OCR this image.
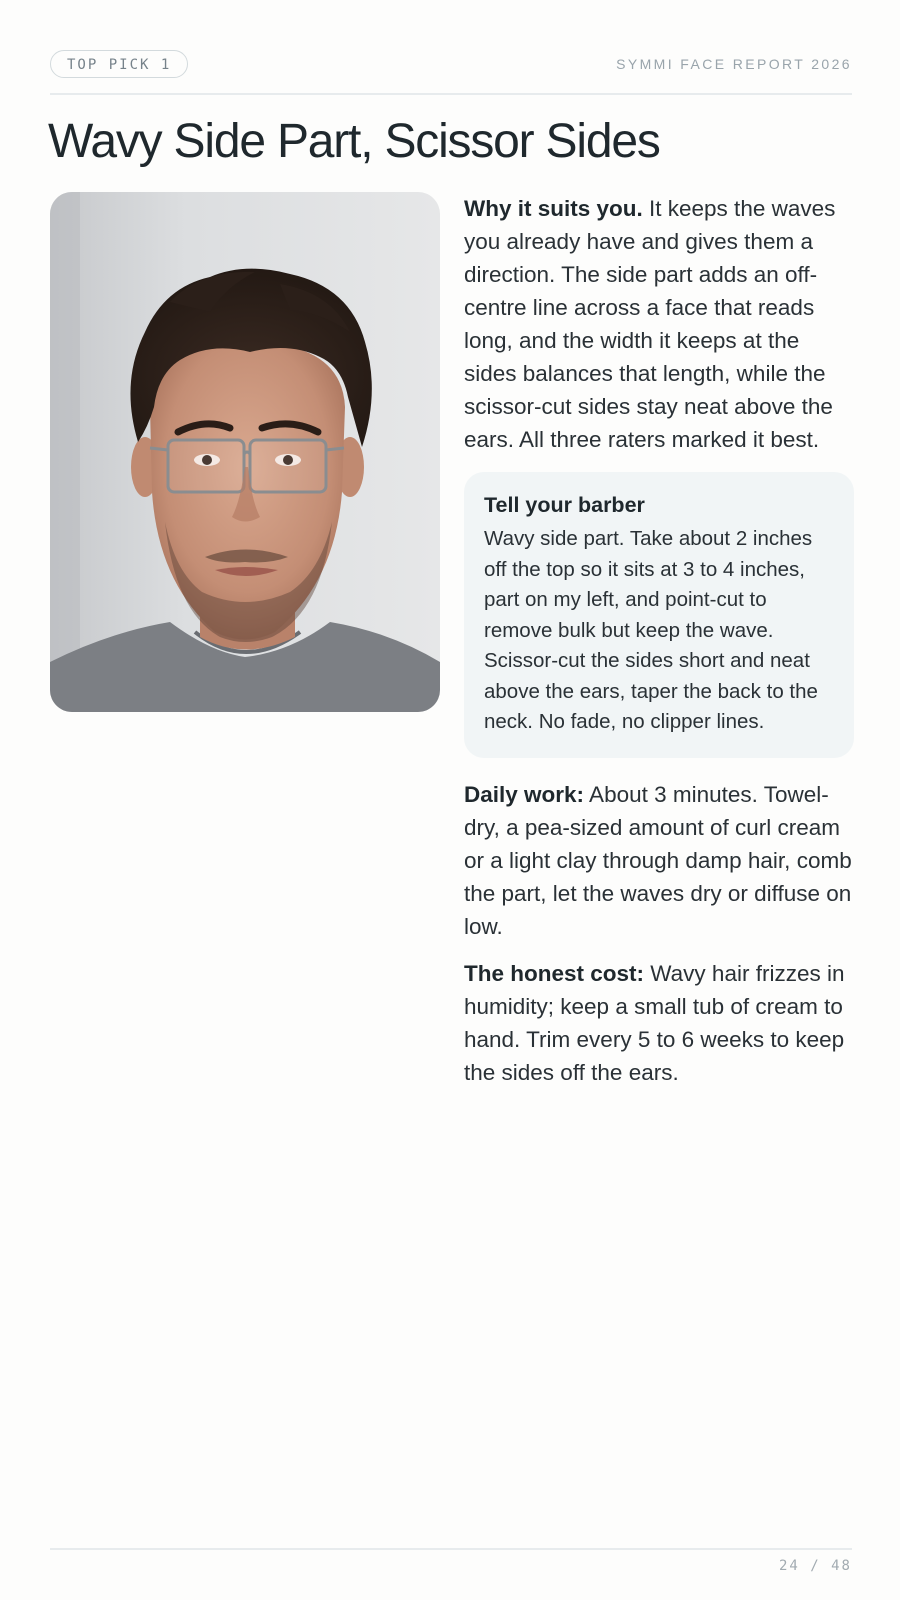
TOP PICK 1	SYMMI FACE REPORT 2026
Wavy Side Part, Scissor Sides

Why it suits you. It keeps the waves you already have and gives them a direction. The side part adds an off-centre line across a face that reads long, and the width it keeps at the sides balances that length, while the scissor-cut sides stay neat above the ears. All three raters marked it best.

Tell your barber

Wavy side part. Take about 2 inches off the top so it sits at 3 to 4 inches, part on my left, and point-cut to remove bulk but keep the wave. Scissor-cut the sides short and neat above the ears, taper the back to the neck. No fade, no clipper lines.

Daily work: About 3 minutes. Towel-dry, a pea-sized amount of curl cream or a light clay through damp hair, comb the part, let the waves dry or diffuse on low.

The honest cost: Wavy hair frizzes in humidity; keep a small tub of cream to hand. Trim every 5 to 6 weeks to keep the sides off the ears.

24 / 48
